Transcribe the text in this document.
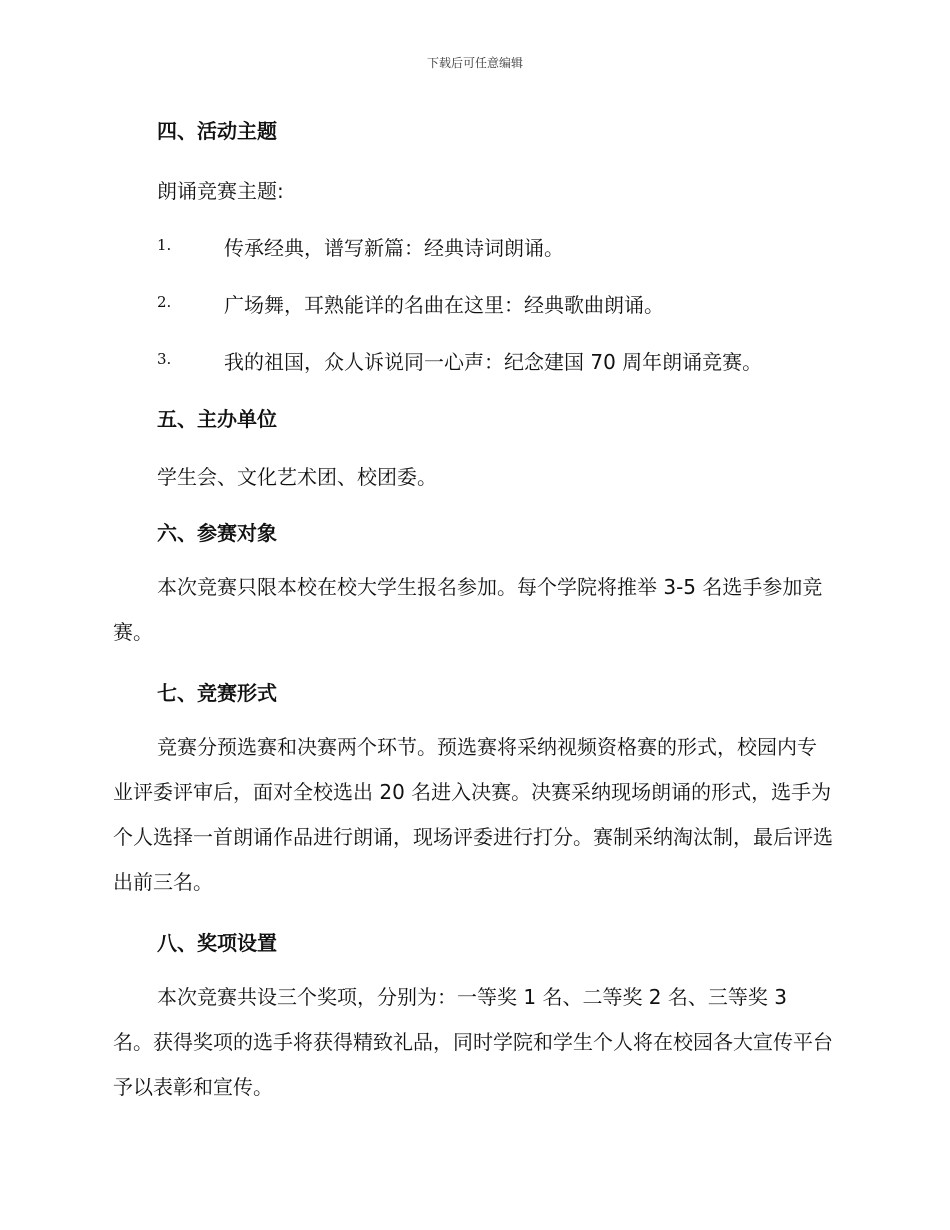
下载后可任意编辑
四、活动主题
朗诵竞赛主题:
1.	传承经典，谱写新篇：经典诗词朗诵。
2.	广场舞，耳熟能详的名曲在这里：经典歌曲朗诵。
3.	我的祖国，众人诉说同一心声：纪念建国 70 周年朗诵竞赛。
五、主办单位
学生会、文化艺术团、校团委。
六、参赛对象
本次竞赛只限本校在校大学生报名参加。每个学院将推举 3-5 名选手参加竞赛。
七、竞赛形式
竞赛分预选赛和决赛两个环节。预选赛将采纳视频资格赛的形式，校园内专业评委评审后，面对全校选出 20 名进入决赛。决赛采纳现场朗诵的形式，选手为个人选择一首朗诵作品进行朗诵，现场评委进行打分。赛制采纳淘汰制，最后评选出前三名。
八、奖项设置
本次竞赛共设三个奖项，分别为：一等奖 1 名、二等奖 2 名、三等奖 3 名。获得奖项的选手将获得精致礼品，同时学院和学生个人将在校园各大宣传平台予以表彰和宣传。
